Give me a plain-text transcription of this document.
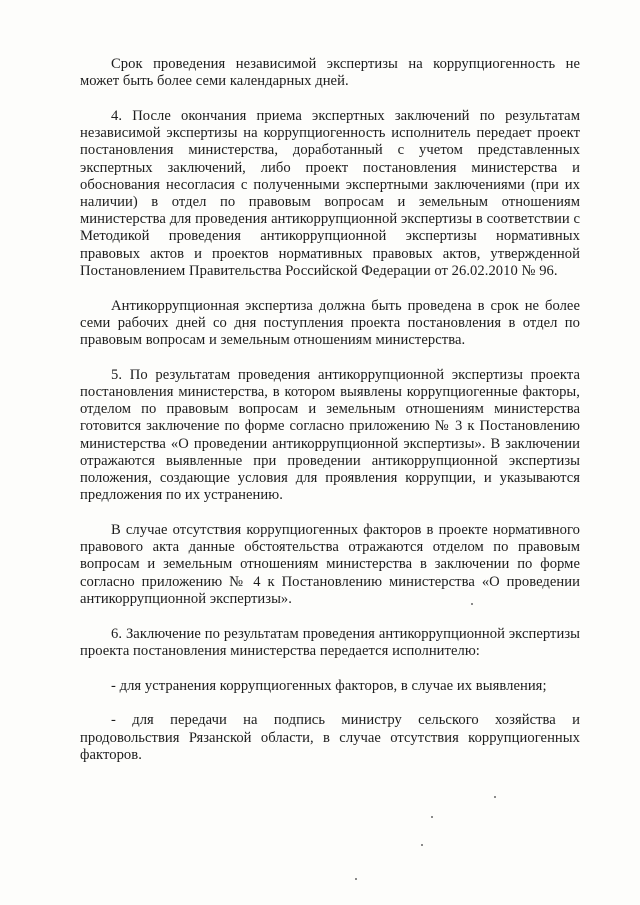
Срок проведения независимой экспертизы на коррупциогенность не может быть более семи календарных дней.

4. После окончания приема экспертных заключений по результатам независимой экспертизы на коррупциогенность исполнитель передает проект постановления министерства, доработанный с учетом представленных экспертных заключений, либо проект постановления министерства и обоснования несогласия с полученными экспертными заключениями (при их наличии) в отдел по правовым вопросам и земельным отношениям министерства для проведения антикоррупционной экспертизы в соответствии с Методикой проведения антикоррупционной экспертизы нормативных правовых актов и проектов нормативных правовых актов, утвержденной Постановлением Правительства Российской Федерации от 26.02.2010 № 96.

Антикоррупционная экспертиза должна быть проведена в срок не более семи рабочих дней со дня поступления проекта постановления в отдел по правовым вопросам и земельным отношениям министерства.

5. По результатам проведения антикоррупционной экспертизы проекта постановления министерства, в котором выявлены коррупциогенные факторы, отделом по правовым вопросам и земельным отношениям министерства готовится заключение по форме согласно приложению № 3 к Постановлению министерства «О проведении антикоррупционной экспертизы». В заключении отражаются выявленные при проведении антикоррупционной экспертизы положения, создающие условия для проявления коррупции, и указываются предложения по их устранению.

В случае отсутствия коррупциогенных факторов в проекте нормативного правового акта данные обстоятельства отражаются отделом по правовым вопросам и земельным отношениям министерства в заключении по форме согласно приложению № 4 к Постановлению министерства «О проведении антикоррупционной экспертизы».

6. Заключение по результатам проведения антикоррупционной экспертизы проекта постановления министерства передается исполнителю:

- для устранения коррупциогенных факторов, в случае их выявления;

- для передачи на подпись министру сельского хозяйства и продовольствия Рязанской области, в случае отсутствия коррупциогенных факторов.
